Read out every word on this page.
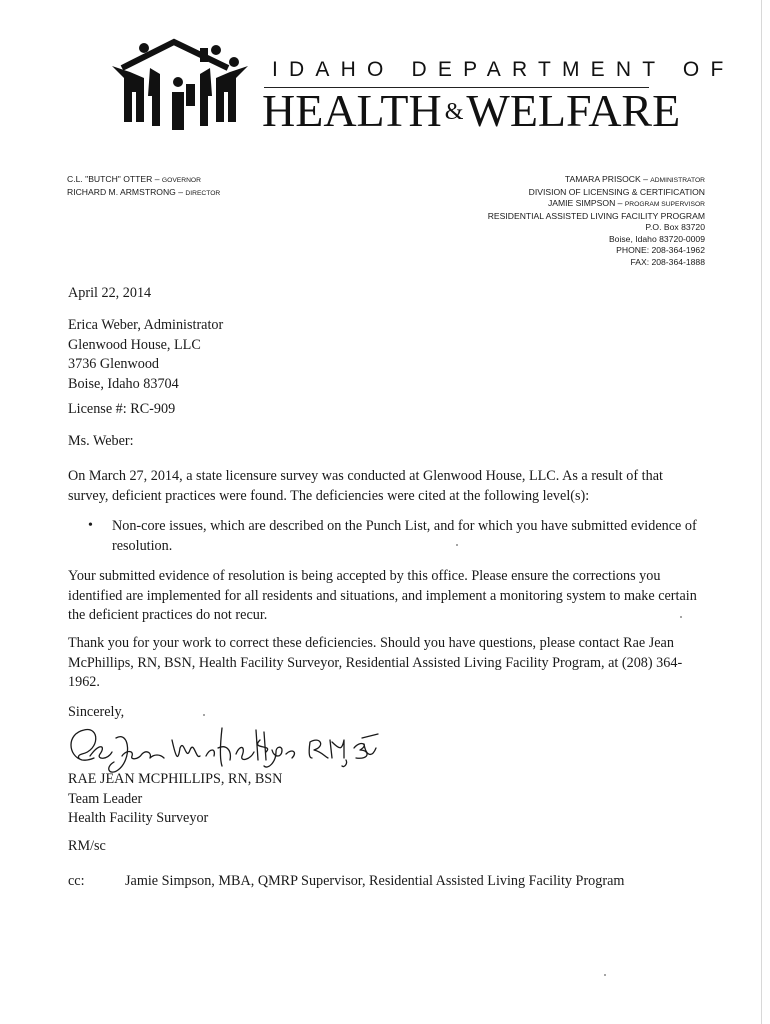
IDAHO DEPARTMENT OF
HEALTH &WELFARE
C.L. "BUTCH" OTTER – GOVERNOR
RICHARD M. ARMSTRONG – DIRECTOR
TAMARA PRISOCK – ADMINISTRATOR
DIVISION OF LICENSING & CERTIFICATION
JAMIE SIMPSON – PROGRAM SUPERVISOR
RESIDENTIAL ASSISTED LIVING FACILITY PROGRAM
P.O. Box 83720
Boise, Idaho 83720-0009
PHONE: 208-364-1962
FAX: 208-364-1888
April 22, 2014
Erica Weber, Administrator
Glenwood House, LLC
3736 Glenwood
Boise, Idaho 83704
License #: RC-909
Ms. Weber:
On March 27, 2014, a state licensure survey was conducted at Glenwood House, LLC. As a result of that survey, deficient practices were found. The deficiencies were cited at the following level(s):
• Non-core issues, which are described on the Punch List, and for which you have submitted evidence of resolution.
Your submitted evidence of resolution is being accepted by this office. Please ensure the corrections you identified are implemented for all residents and situations, and implement a monitoring system to make certain the deficient practices do not recur.
Thank you for your work to correct these deficiencies. Should you have questions, please contact Rae Jean McPhillips, RN, BSN, Health Facility Surveyor, Residential Assisted Living Facility Program, at (208) 364-1962.
Sincerely,
RAE JEAN MCPHILLIPS, RN, BSN
Team Leader
Health Facility Surveyor
RM/sc
cc:	Jamie Simpson, MBA, QMRP Supervisor, Residential Assisted Living Facility Program
